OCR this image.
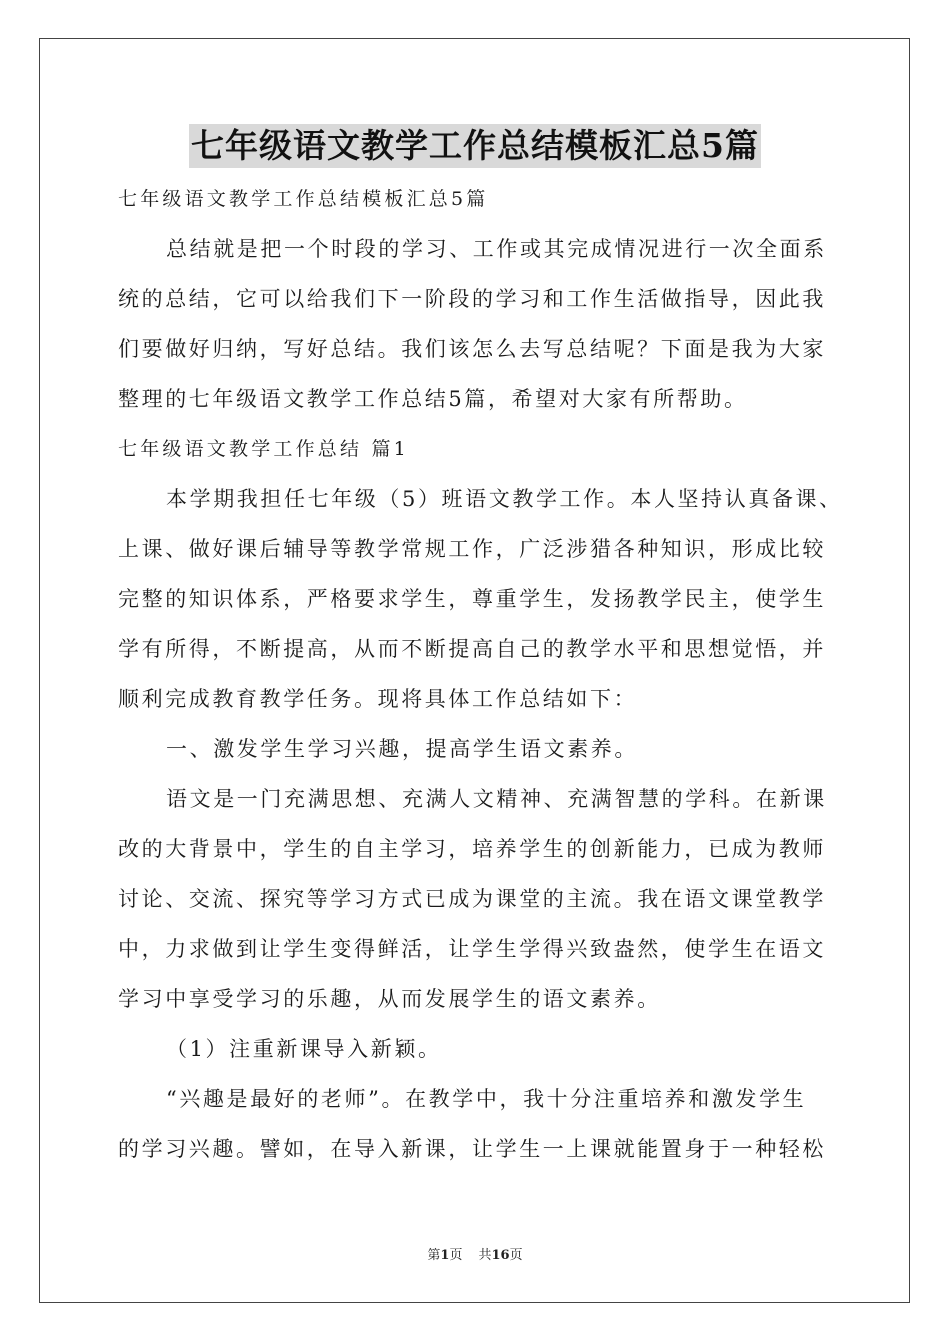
七年级语文教学工作总结模板汇总5篇
七年级语文教学工作总结模板汇总5篇
总结就是把一个时段的学习、工作或其完成情况进行一次全面系
统的总结，它可以给我们下一阶段的学习和工作生活做指导，因此我
们要做好归纳，写好总结。我们该怎么去写总结呢？下面是我为大家
整理的七年级语文教学工作总结5篇，希望对大家有所帮助。
七年级语文教学工作总结 篇1
本学期我担任七年级（5）班语文教学工作。本人坚持认真备课、
上课、做好课后辅导等教学常规工作，广泛涉猎各种知识，形成比较
完整的知识体系，严格要求学生，尊重学生，发扬教学民主，使学生
学有所得，不断提高，从而不断提高自己的教学水平和思想觉悟，并
顺利完成教育教学任务。现将具体工作总结如下：
一、激发学生学习兴趣，提高学生语文素养。
语文是一门充满思想、充满人文精神、充满智慧的学科。在新课
改的大背景中，学生的自主学习，培养学生的创新能力，已成为教师
讨论、交流、探究等学习方式已成为课堂的主流。我在语文课堂教学
中，力求做到让学生变得鲜活，让学生学得兴致盎然，使学生在语文
学习中享受学习的乐趣，从而发展学生的语文素养。
（1）注重新课导入新颖。
“兴趣是最好的老师”。在教学中，我十分注重培养和激发学生
的学习兴趣。譬如，在导入新课，让学生一上课就能置身于一种轻松
第1页 共16页
